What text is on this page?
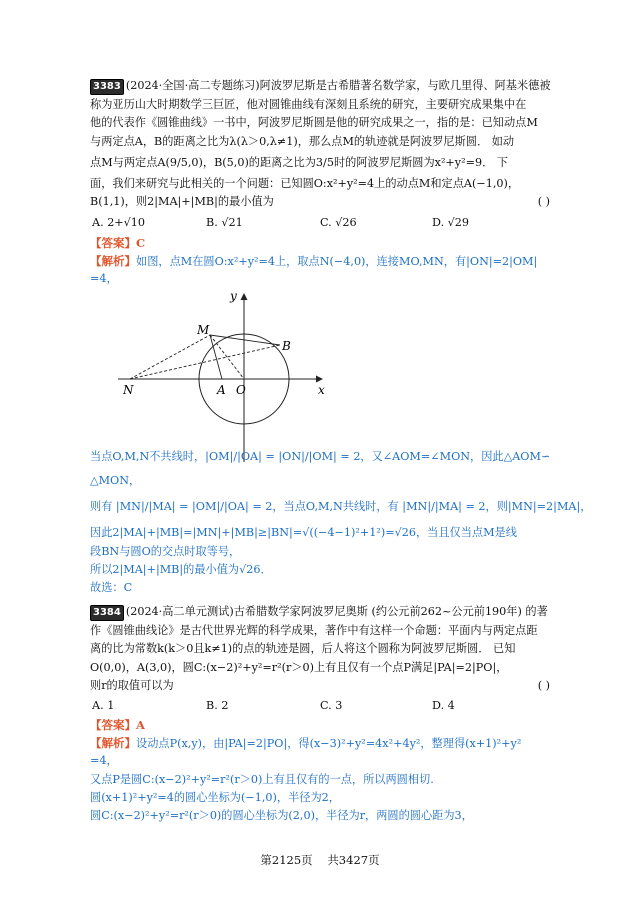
3383 (2024·全国·高二专题练习)阿波罗尼斯是古希腊著名数学家，与欧几里得、阿基米德被
称为亚历山大时期数学三巨匠，他对圆锥曲线有深刻且系统的研究，主要研究成果集中在
他的代表作《圆锥曲线》一书中，阿波罗尼斯圆是他的研究成果之一，指的是：已知动点M
与两定点A，B的距离之比为λ(λ＞0,λ≠1)，那么点M的轨迹就是阿波罗尼斯圆． 如动
点M与两定点A(9/5,0)，B(5,0)的距离之比为3/5时的阿波罗尼斯圆为x²+y²=9． 下
面，我们来研究与此相关的一个问题：已知圆O:x²+y²=4上的动点M和定点A(−1,0)，
B(1,1)，则2|MA|+|MB|的最小值为	( )
A. 2+√10	B. √21	C. √26	D. √29
【答案】C
【解析】如图，点M在圆O:x²+y²=4上，取点N(−4,0)，连接MO,MN，有|ON|=2|OM|
=4，
y
x
M
B
N	A O
当点O,M,N不共线时，|OM|/|OA| = |ON|/|OM| = 2，又∠AOM=∠MON，因此△AOM∽
△MON，
则有 |MN|/|MA| = |OM|/|OA| = 2，当点O,M,N共线时，有 |MN|/|MA| = 2，则|MN|=2|MA|，
因此2|MA|+|MB|=|MN|+|MB|≥|BN|=√((−4−1)²+1²)=√26，当且仅当点M是线
段BN与圆O的交点时取等号，
所以2|MA|+|MB|的最小值为√26．
故选：C
3384 (2024·高二单元测试)古希腊数学家阿波罗尼奥斯 (约公元前262~公元前190年) 的著
作《圆锥曲线论》是古代世界光辉的科学成果，著作中有这样一个命题：平面内与两定点距
离的比为常数k(k＞0且k≠1)的点的轨迹是圆，后人将这个圆称为阿波罗尼斯圆． 已知
O(0,0)，A(3,0)，圆C:(x−2)²+y²=r²(r＞0)上有且仅有一个点P满足|PA|=2|PO|，
则r的取值可以为	( )
A. 1	B. 2	C. 3	D. 4
【答案】A
【解析】设动点P(x,y)，由|PA|=2|PO|，得(x−3)²+y²=4x²+4y²，整理得(x+1)²+y²
=4，
又点P是圆C:(x−2)²+y²=r²(r＞0)上有且仅有的一点，所以两圆相切.
圆(x+1)²+y²=4的圆心坐标为(−1,0)，半径为2，
圆C:(x−2)²+y²=r²(r＞0)的圆心坐标为(2,0)，半径为r，两圆的圆心距为3，
第2125页 共3427页
